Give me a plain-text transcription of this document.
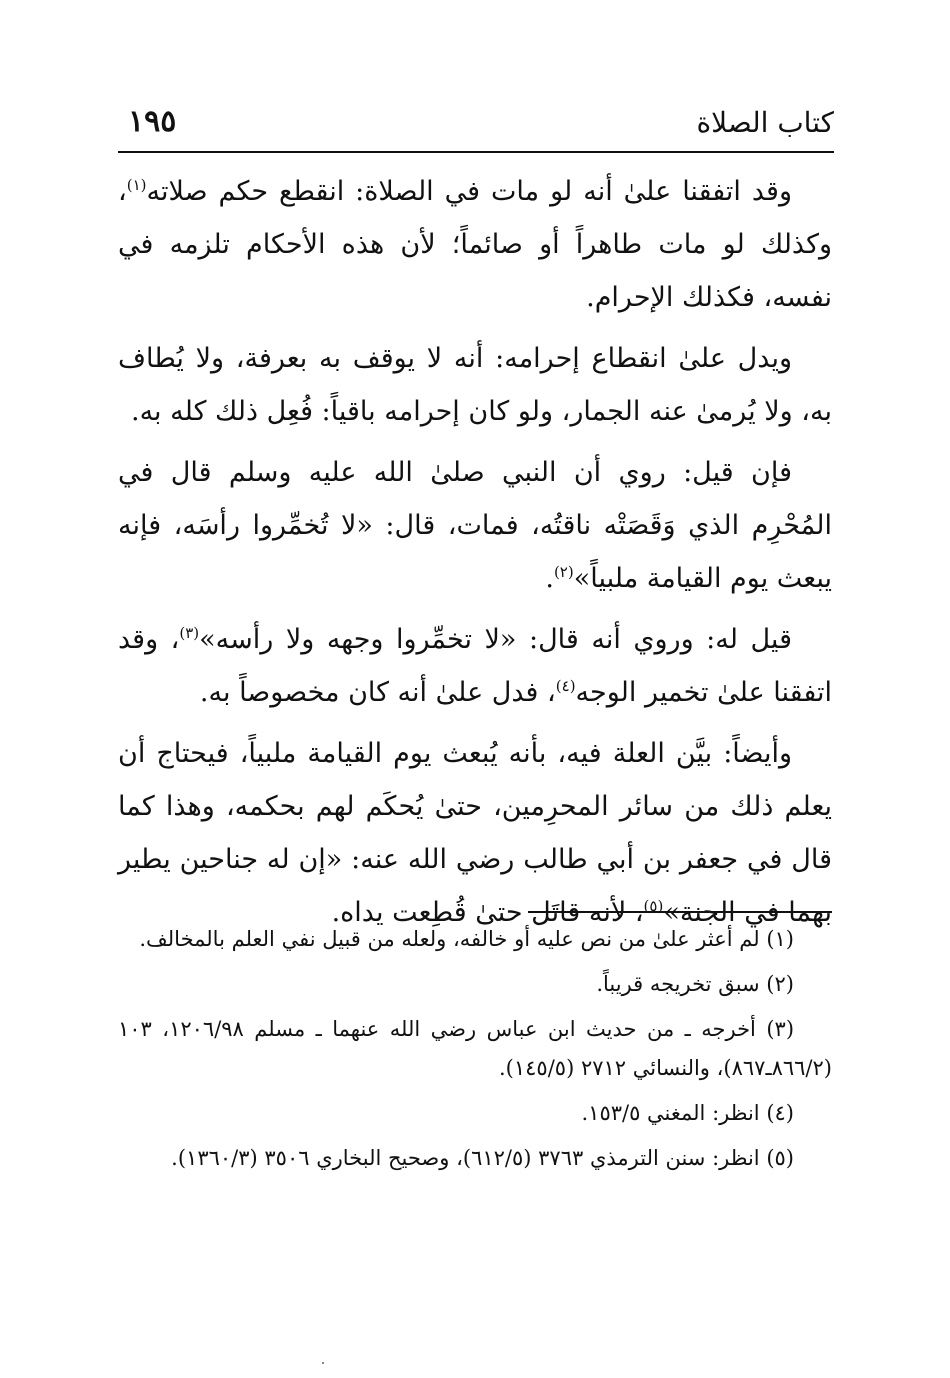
١٩٥	كتاب الصلاة

وقد اتفقنا علىٰ أنه لو مات في الصلاة: انقطع حكم صلاته$^{(١)}$، وكذلك لو مات طاهراً أو صائماً؛ لأن هذه الأحكام تلزمه في نفسه، فكذلك الإحرام.

ويدل علىٰ انقطاع إحرامه: أنه لا يوقف به بعرفة، ولا يُطاف به، ولا يُرمىٰ عنه الجمار، ولو كان إحرامه باقياً: فُعِل ذلك كله به.

فإن قيل: روي أن النبي صلىٰ الله عليه وسلم قال في المُحْرِم الذي وَقَصَتْه ناقتُه، فمات، قال: «لا تُخمِّروا رأسَه، فإنه يبعث يوم القيامة ملبياً»$^{(٢)}$.

قيل له: وروي أنه قال: «لا تخمِّروا وجهه ولا رأسه»$^{(٣)}$، وقد اتفقنا علىٰ تخمير الوجه$^{(٤)}$، فدل علىٰ أنه كان مخصوصاً به.

وأيضاً: بيَّن العلة فيه، بأنه يُبعث يوم القيامة ملبياً، فيحتاج أن يعلم ذلك من سائر المحرِمين، حتىٰ يُحكَم لهم بحكمه، وهذا كما قال في جعفر بن أبي طالب رضي الله عنه: «إن له جناحين يطير بهما في الجنة»$^{(٥)}$، لأنه قاتَل حتىٰ قُطِعت يداه.

(١) لم أعثر علىٰ من نص عليه أو خالفه، ولعله من قبيل نفي العلم بالمخالف.

(٢) سبق تخريجه قريباً.

(٣) أخرجه ـ من حديث ابن عباس رضي الله عنهما ـ مسلم ١٢٠٦/٩٨، ١٠٣ (٨٦٦/٢ـ٨٦٧)، والنسائي ٢٧١٢ (١٤٥/٥).

(٤) انظر: المغني ١٥٣/٥.

(٥) انظر: سنن الترمذي ٣٧٦٣ (٦١٢/٥)، وصحيح البخاري ٣٥٠٦ (١٣٦٠/٣).
